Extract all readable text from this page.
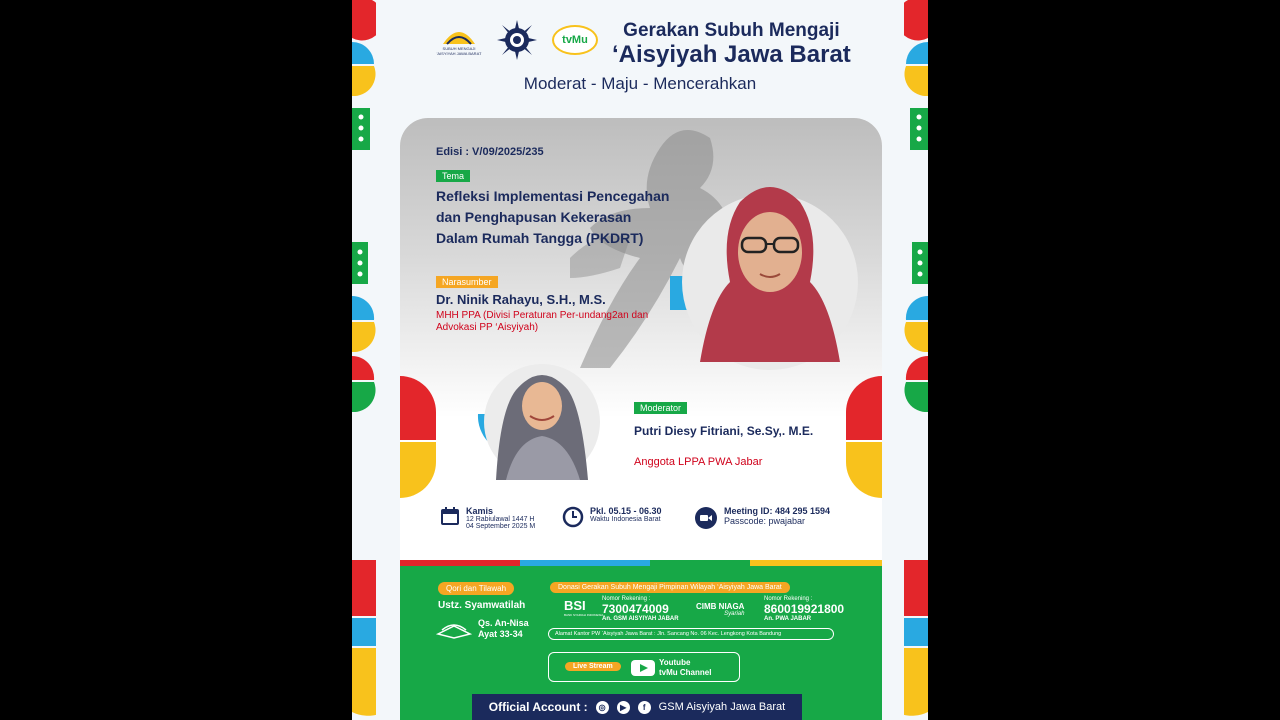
SUBUH MENGAJI 'AISYIYAH JAWA BARAT
tvMu	Gerakan Subuh Mengaji
‘Aisyiyah Jawa Barat
Moderat - Maju - Mencerahkan
Edisi : V/09/2025/235
Tema
Refleksi Implementasi Pencegahan dan Penghapusan Kekerasan Dalam Rumah Tangga (PKDRT)
Narasumber
Dr. Ninik Rahayu, S.H., M.S.
MHH PPA (Divisi Peraturan Per-undang2an dan Advokasi PP ‘Aisyiyah)
Moderator
Putri Diesy Fitriani, Se.Sy,. M.E.
Anggota LPPA PWA Jabar
Kamis
12 Rabiulawal 1447 H
04 September 2025 M
Pkl. 05.15 - 06.30
Waktu Indonesia Barat
Meeting ID: 484 295 1594
Passcode: pwajabar
Qori dan Tilawah
Ustz. Syamwatilah
Qs. An-Nisa
Ayat 33-34
Donasi Gerakan Subuh Mengaji Pimpinan Wilayah ‘Aisyiyah Jawa Barat
BSI
BANK SYARIAH INDONESIA
Nomor Rekening :
7300474009
An. GSM AISYIYAH JABAR
CIMB NIAGA
Syariah
Nomor Rekening :
860019921800
An. PWA JABAR
Alamat Kantor PW ‘Aisyiyah Jawa Barat : Jln. Sancang No. 06 Kec. Lengkong Kota Bandung
Live Stream	Youtube
tvMu Channel
Official Account :	◎	▶	f	GSM Aisyiyah Jawa Barat
